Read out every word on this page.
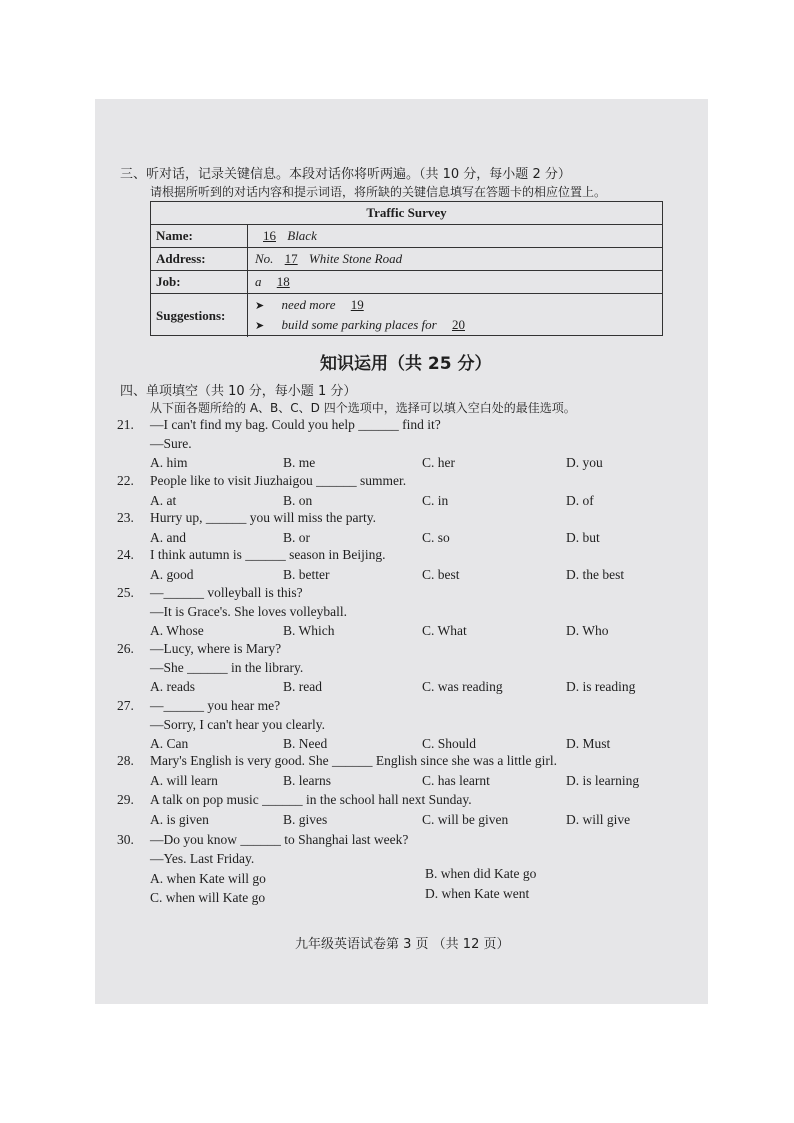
三、听对话，记录关键信息。本段对话你将听两遍。（共 10 分，每小题 2 分）
请根据所听到的对话内容和提示词语，将所缺的关键信息填写在答题卡的相应位置上。
Traffic Survey
Name:	16 Black
Address:	No. 17 White Stone Road
Job:	a 18
Suggestions:
➤ need more 19
➤ build some parking places for 20
知识运用（共 25 分）
四、单项填空（共 10 分，每小题 1 分）
从下面各题所给的 A、B、C、D 四个选项中，选择可以填入空白处的最佳选项。
21. —I can't find my bag. Could you help ______ find it?
—Sure.
A. him	B. me	C. her	D. you
22. People like to visit Jiuzhaigou ______ summer.
A. at	B. on	C. in	D. of
23. Hurry up, ______ you will miss the party.
A. and	B. or	C. so	D. but
24. I think autumn is ______ season in Beijing.
A. good	B. better	C. best	D. the best
25. —______ volleyball is this?
—It is Grace's. She loves volleyball.
A. Whose	B. Which	C. What	D. Who
26. —Lucy, where is Mary?
—She ______ in the library.
A. reads	B. read	C. was reading	D. is reading
27. —______ you hear me?
—Sorry, I can't hear you clearly.
A. Can	B. Need	C. Should	D. Must
28. Mary's English is very good. She ______ English since she was a little girl.
A. will learn	B. learns	C. has learnt	D. is learning
29. A talk on pop music ______ in the school hall next Sunday.
A. is given	B. gives	C. will be given	D. will give
30. —Do you know ______ to Shanghai last week?
—Yes. Last Friday.
A. when Kate will go	B. when did Kate go
C. when will Kate go	D. when Kate went
九年级英语试卷第 3 页 （共 12 页）
